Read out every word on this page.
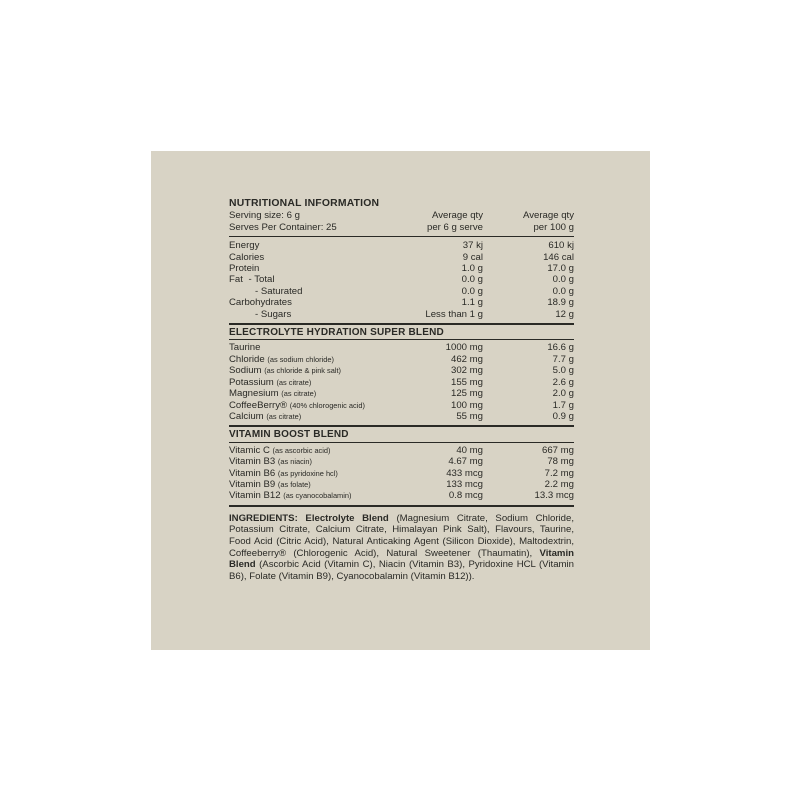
NUTRITIONAL INFORMATION
Serving size: 6 g	Average qty	Average qty
Serves Per Container: 25	per 6 g serve	per 100 g
Energy	37 kj	610 kj
Calories	9 cal	146 cal
Protein	1.0 g	17.0 g
Fat - Total	0.0 g	0.0 g
- Saturated	0.0 g	0.0 g
Carbohydrates	1.1 g	18.9 g
- Sugars	Less than 1 g	12 g
ELECTROLYTE HYDRATION SUPER BLEND
Taurine	1000 mg	16.6 g
Chloride (as sodium chloride)	462 mg	7.7 g
Sodium (as chloride & pink salt)	302 mg	5.0 g
Potassium (as citrate)	155 mg	2.6 g
Magnesium (as citrate)	125 mg	2.0 g
CoffeeBerry® (40% chlorogenic acid)	100 mg	1.7 g
Calcium (as citrate)	55 mg	0.9 g
VITAMIN BOOST BLEND
Vitamic C (as ascorbic acid)	40 mg	667 mg
Vitamin B3 (as niacin)	4.67 mg	78 mg
Vitamin B6 (as pyridoxine hcl)	433 mcg	7.2 mg
Vitamin B9 (as folate)	133 mcg	2.2 mg
Vitamin B12 (as cyanocobalamin)	0.8 mcg	13.3 mcg
INGREDIENTS: Electrolyte Blend (Magnesium Citrate, Sodium Chloride, Potassium Citrate, Calcium Citrate, Himalayan Pink Salt), Flavours, Taurine, Food Acid (Citric Acid), Natural Anticaking Agent (Silicon Dioxide), Maltodextrin, Coffeeberry® (Chlorogenic Acid), Natural Sweetener (Thaumatin), Vitamin Blend (Ascorbic Acid (Vitamin C), Niacin (Vitamin B3), Pyridoxine HCL (Vitamin B6), Folate (Vitamin B9), Cyanocobalamin (Vitamin B12)).
